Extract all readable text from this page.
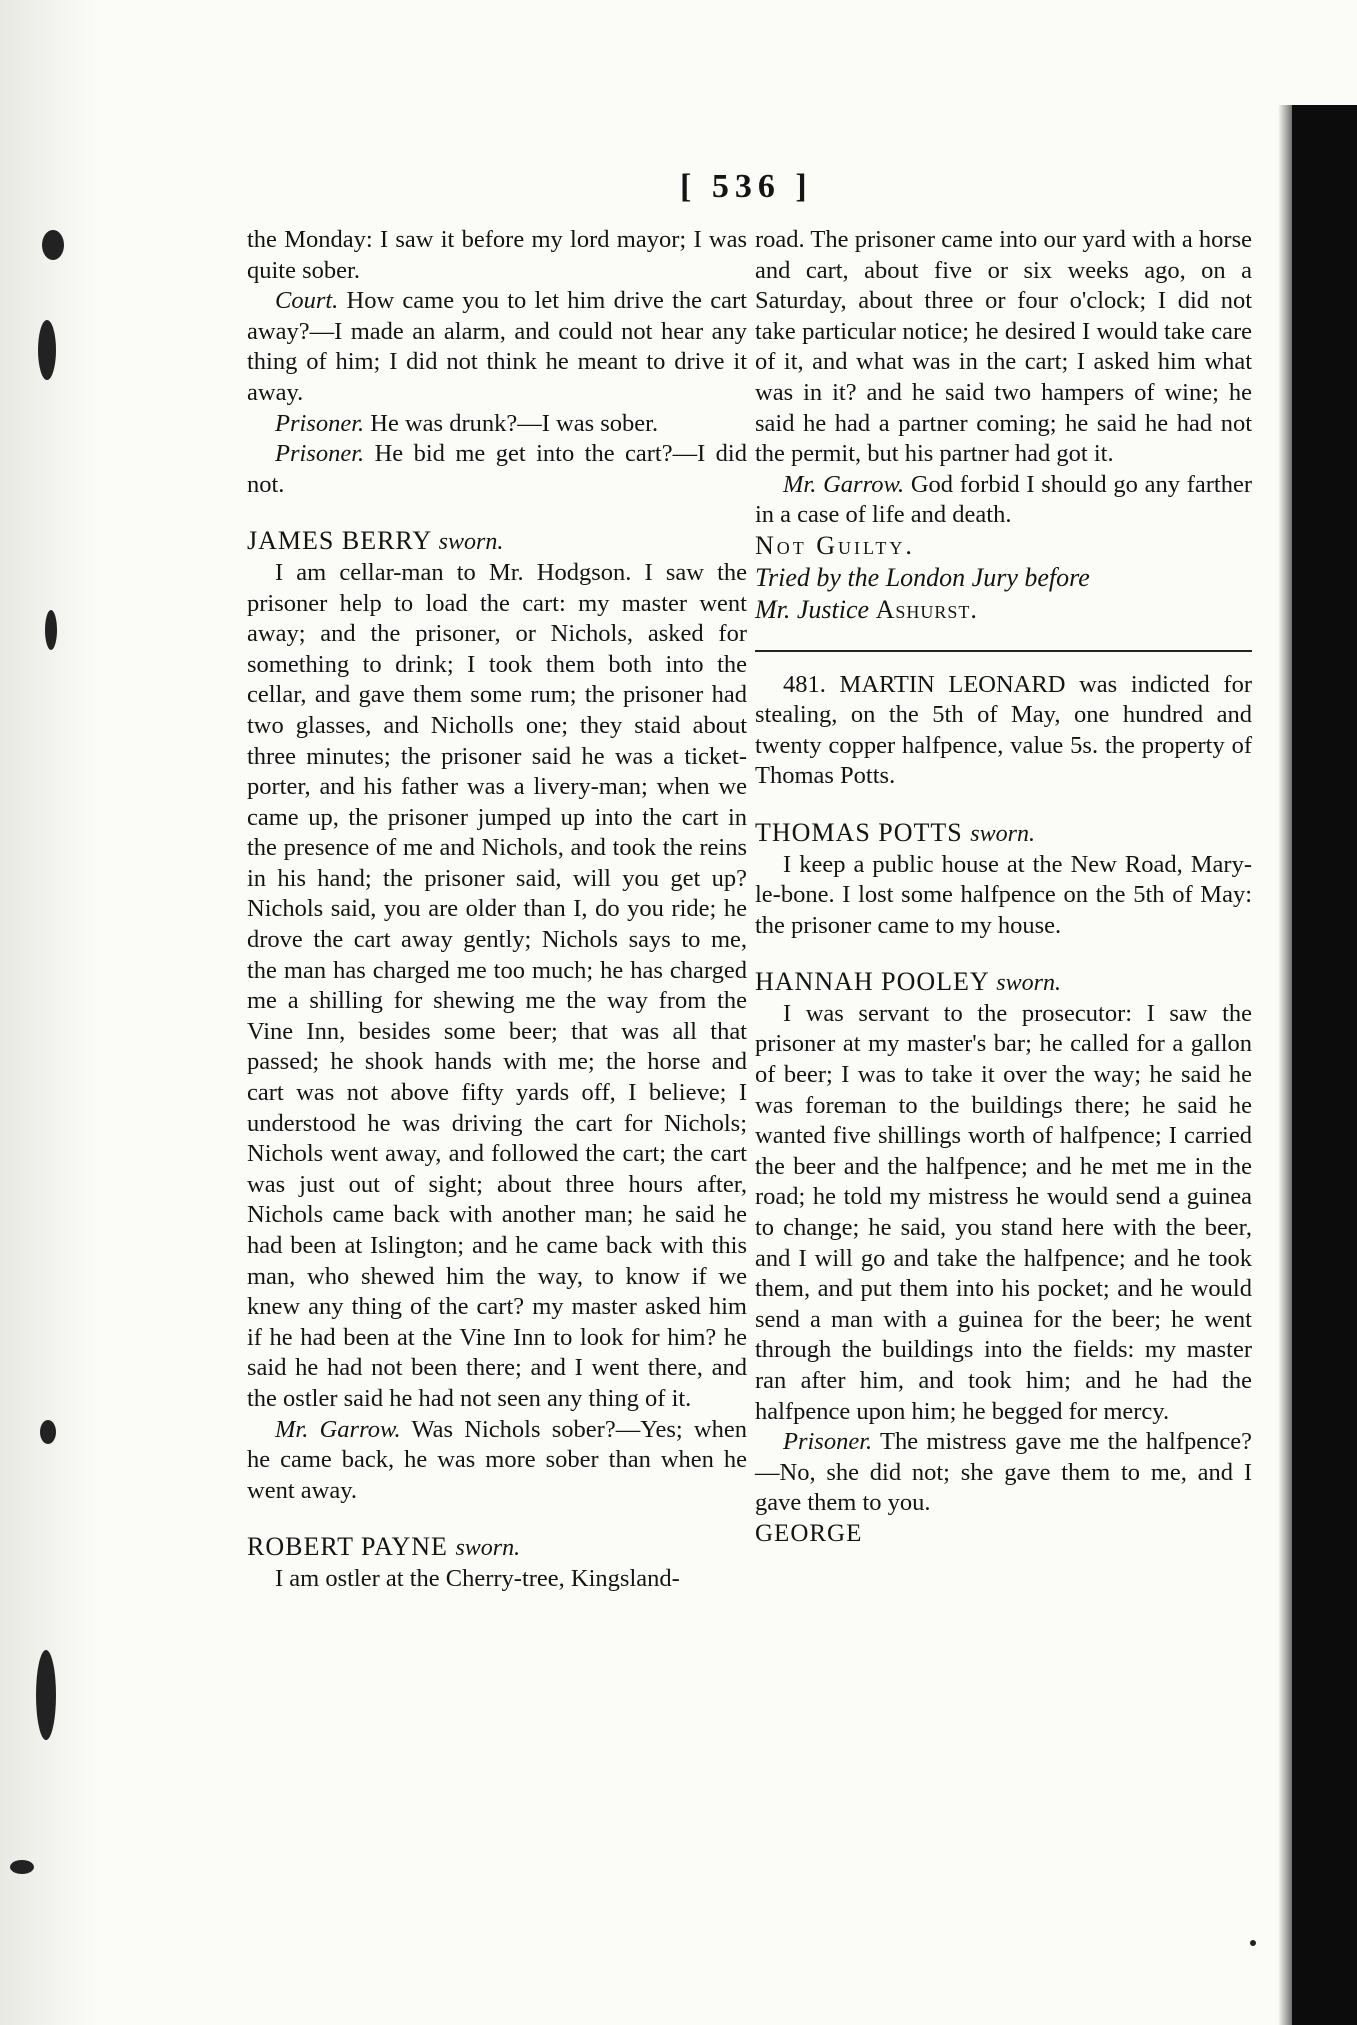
[ 536 ]

the Monday: I saw it before my lord mayor; I was quite sober.

Court. How came you to let him drive the cart away?—I made an alarm, and could not hear any thing of him; I did not think he meant to drive it away.

Prisoner. He was drunk?—I was sober.

Prisoner. He bid me get into the cart?—I did not.

JAMES BERRY sworn.

I am cellar-man to Mr. Hodgson. I saw the prisoner help to load the cart: my master went away; and the prisoner, or Nichols, asked for something to drink; I took them both into the cellar, and gave them some rum; the prisoner had two glasses, and Nicholls one; they staid about three minutes; the prisoner said he was a ticket-porter, and his father was a livery-man; when we came up, the prisoner jumped up into the cart in the presence of me and Nichols, and took the reins in his hand; the prisoner said, will you get up? Nichols said, you are older than I, do you ride; he drove the cart away gently; Nichols says to me, the man has charged me too much; he has charged me a shilling for shewing me the way from the Vine Inn, besides some beer; that was all that passed; he shook hands with me; the horse and cart was not above fifty yards off, I believe; I understood he was driving the cart for Nichols; Nichols went away, and followed the cart; the cart was just out of sight; about three hours after, Nichols came back with another man; he said he had been at Islington; and he came back with this man, who shewed him the way, to know if we knew any thing of the cart? my master asked him if he had been at the Vine Inn to look for him? he said he had not been there; and I went there, and the ostler said he had not seen any thing of it.

Mr. Garrow. Was Nichols sober?—Yes; when he came back, he was more sober than when he went away.

ROBERT PAYNE sworn.

I am ostler at the Cherry-tree, Kingsland-

road. The prisoner came into our yard with a horse and cart, about five or six weeks ago, on a Saturday, about three or four o'clock; I did not take particular notice; he desired I would take care of it, and what was in the cart; I asked him what was in it? and he said two hampers of wine; he said he had a partner coming; he said he had not the permit, but his partner had got it.

Mr. Garrow. God forbid I should go any farther in a case of life and death.

Not Guilty.

Tried by the London Jury before
Mr. Justice Ashurst.

481. MARTIN LEONARD was indicted for stealing, on the 5th of May, one hundred and twenty copper halfpence, value 5s. the property of Thomas Potts.

THOMAS POTTS sworn.

I keep a public house at the New Road, Mary-le-bone. I lost some halfpence on the 5th of May: the prisoner came to my house.

HANNAH POOLEY sworn.

I was servant to the prosecutor: I saw the prisoner at my master's bar; he called for a gallon of beer; I was to take it over the way; he said he was foreman to the buildings there; he said he wanted five shillings worth of halfpence; I carried the beer and the halfpence; and he met me in the road; he told my mistress he would send a guinea to change; he said, you stand here with the beer, and I will go and take the halfpence; and he took them, and put them into his pocket; and he would send a man with a guinea for the beer; he went through the buildings into the fields: my master ran after him, and took him; and he had the halfpence upon him; he begged for mercy.

Prisoner. The mistress gave me the halfpence?—No, she did not; she gave them to me, and I gave them to you.

GEORGE
